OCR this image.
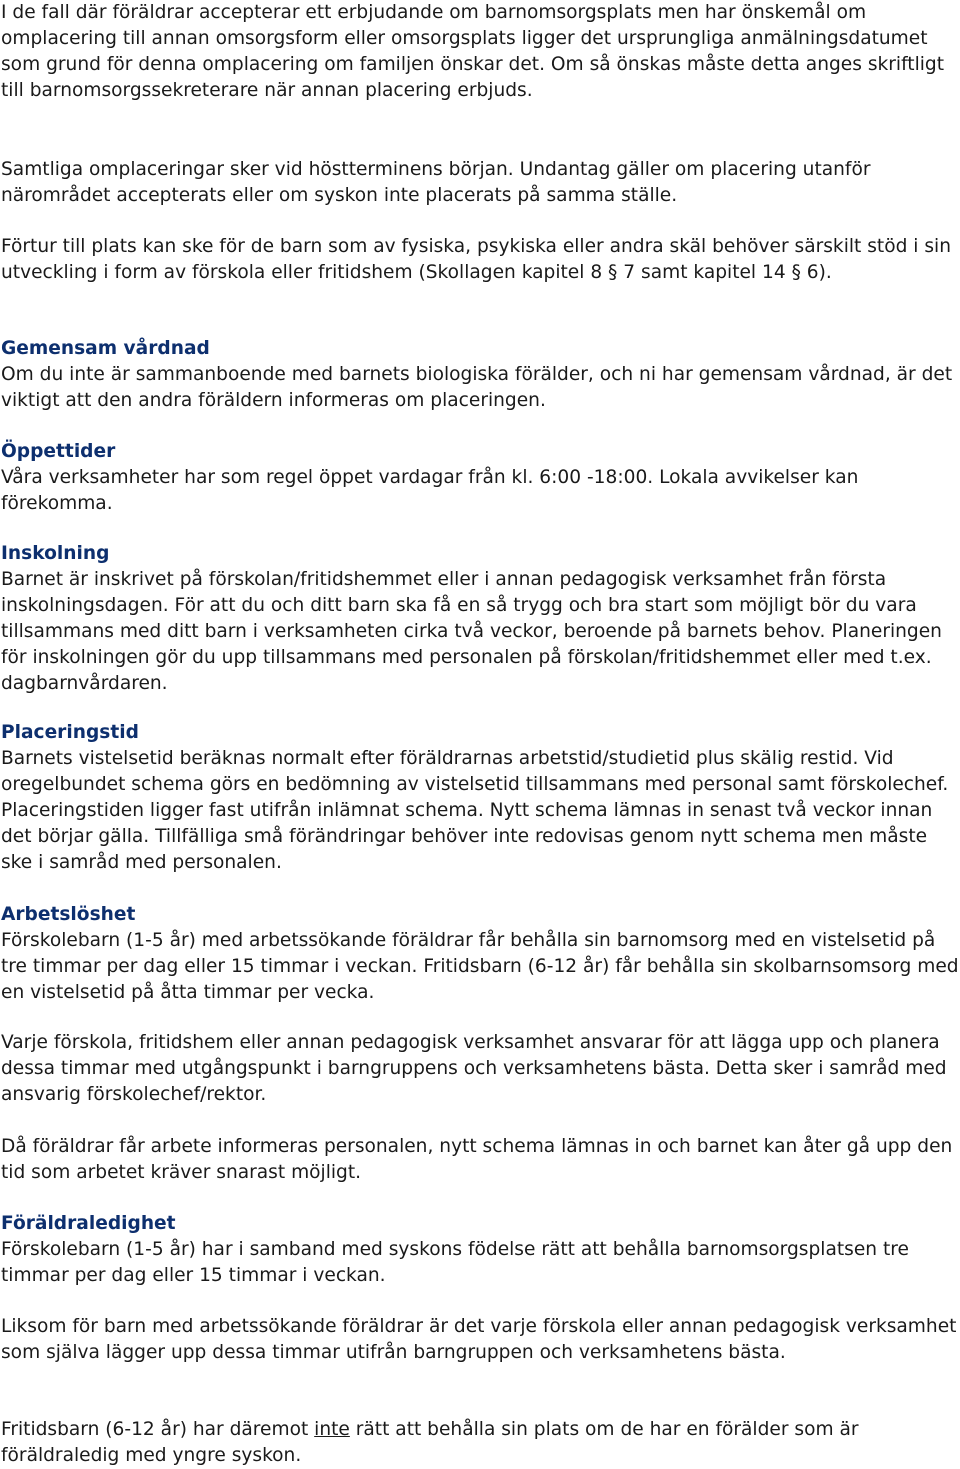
I de fall där föräldrar accepterar ett erbjudande om barnomsorgsplats men har önskemål om omplacering till annan omsorgsform eller omsorgsplats ligger det ursprungliga anmälningsdatumet som grund för denna omplacering om familjen önskar det. Om så önskas måste detta anges skriftligt till barnomsorgssekreterare när annan placering erbjuds.

Samtliga omplaceringar sker vid höstterminens början. Undantag gäller om placering utanför närområdet accepterats eller om syskon inte placerats på samma ställe.

Förtur till plats kan ske för de barn som av fysiska, psykiska eller andra skäl behöver särskilt stöd i sin utveckling i form av förskola eller fritidshem (Skollagen kapitel 8 § 7 samt kapitel 14 § 6).

Gemensam vårdnad

Om du inte är sammanboende med barnets biologiska förälder, och ni har gemensam vårdnad, är det viktigt att den andra föräldern informeras om placeringen.

Öppettider

Våra verksamheter har som regel öppet vardagar från kl. 6:00 -18:00. Lokala avvikelser kan förekomma.

Inskolning

Barnet är inskrivet på förskolan/fritidshemmet eller i annan pedagogisk verksamhet från första inskolningsdagen. För att du och ditt barn ska få en så trygg och bra start som möjligt bör du vara tillsammans med ditt barn i verksamheten cirka två veckor, beroende på barnets behov. Planeringen för inskolningen gör du upp tillsammans med personalen på förskolan/fritidshemmet eller med t.ex. dagbarnvårdaren.

Placeringstid

Barnets vistelsetid beräknas normalt efter föräldrarnas arbetstid/studietid plus skälig restid. Vid oregelbundet schema görs en bedömning av vistelsetid tillsammans med personal samt förskolechef. Placeringstiden ligger fast utifrån inlämnat schema. Nytt schema lämnas in senast två veckor innan det börjar gälla. Tillfälliga små förändringar behöver inte redovisas genom nytt schema men måste ske i samråd med personalen.

Arbetslöshet

Förskolebarn (1-5 år) med arbetssökande föräldrar får behålla sin barnomsorg med en vistelsetid på tre timmar per dag eller 15 timmar i veckan. Fritidsbarn (6-12 år) får behålla sin skolbarnsomsorg med en vistelsetid på åtta timmar per vecka.

Varje förskola, fritidshem eller annan pedagogisk verksamhet ansvarar för att lägga upp och planera dessa timmar med utgångspunkt i barngruppens och verksamhetens bästa. Detta sker i samråd med ansvarig förskolechef/rektor.

Då föräldrar får arbete informeras personalen, nytt schema lämnas in och barnet kan åter gå upp den tid som arbetet kräver snarast möjligt.

Föräldraledighet

Förskolebarn (1-5 år) har i samband med syskons födelse rätt att behålla barnomsorgsplatsen tre timmar per dag eller 15 timmar i veckan.

Liksom för barn med arbetssökande föräldrar är det varje förskola eller annan pedagogisk verksamhet som själva lägger upp dessa timmar utifrån barngruppen och verksamhetens bästa.

Fritidsbarn (6-12 år) har däremot inte rätt att behålla sin plats om de har en förälder som är föräldraledig med yngre syskon.
